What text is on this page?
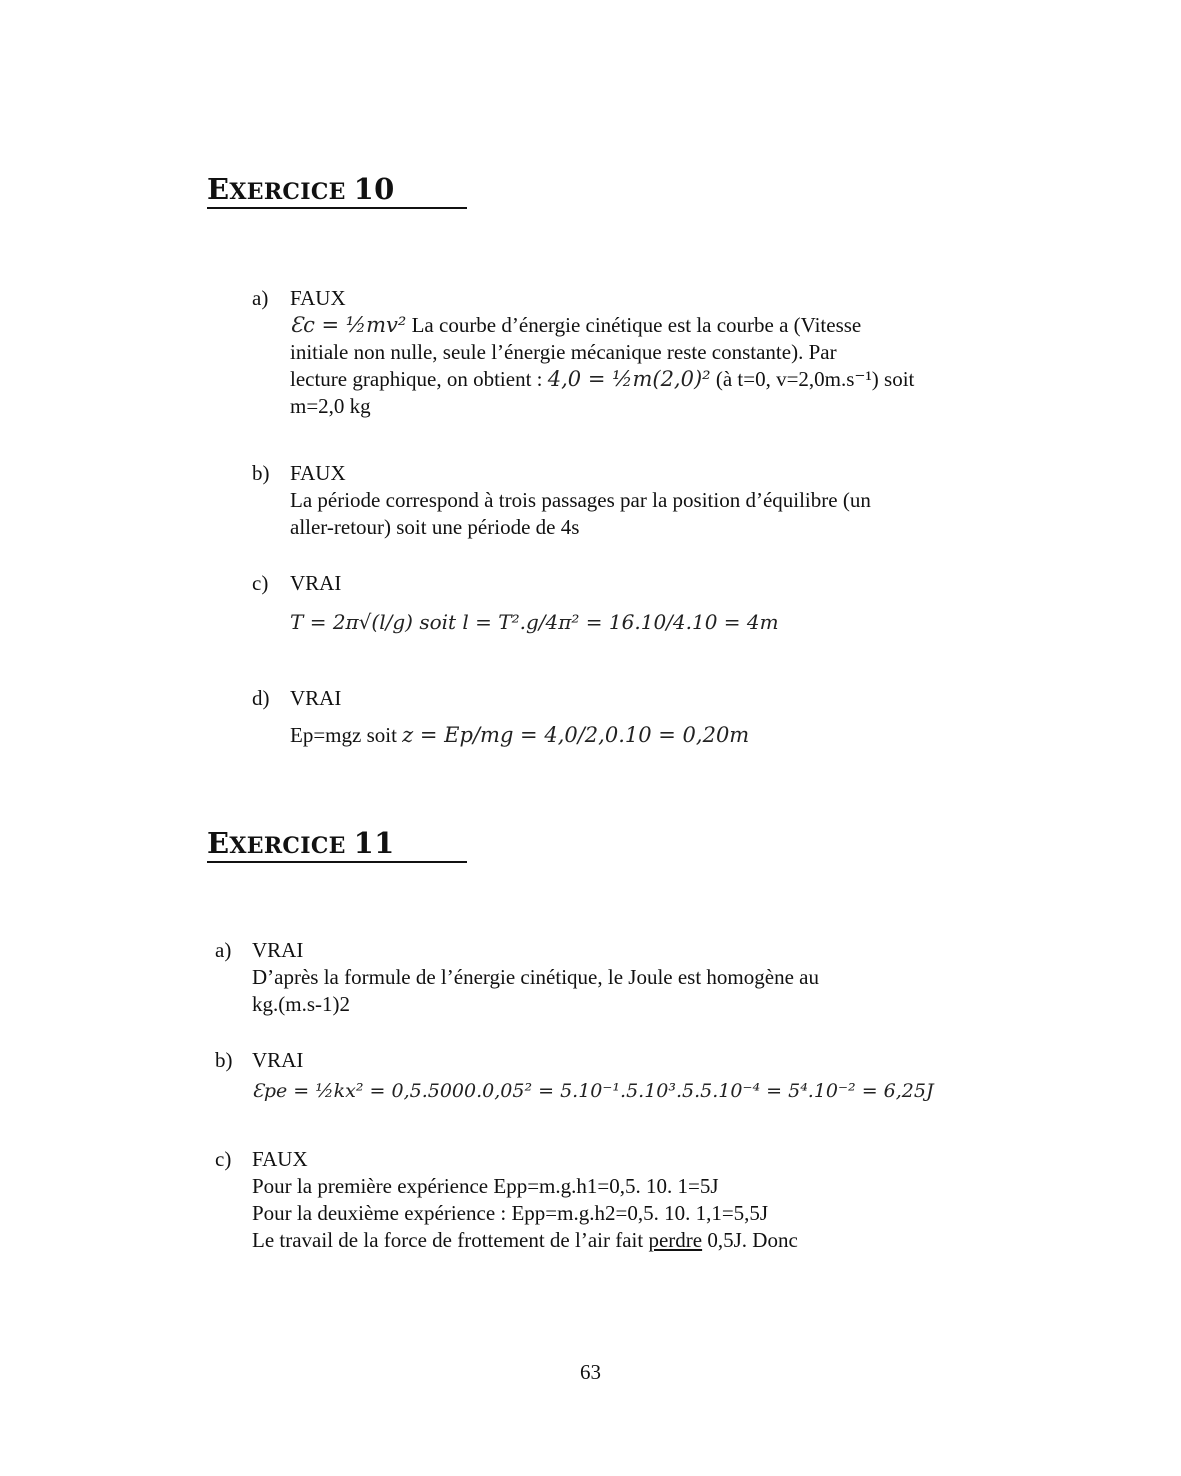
EXERCICE 10
a) FAUX
Ɛc = ½mv² La courbe d’énergie cinétique est la courbe a (Vitesse
initiale non nulle, seule l’énergie mécanique reste constante). Par
lecture graphique, on obtient : 4,0 = ½m(2,0)² (à t=0, v=2,0m.s⁻¹) soit
m=2,0 kg
b) FAUX
La période correspond à trois passages par la position d’équilibre (un
aller-retour) soit une période de 4s
c) VRAI
T = 2π√(l/g) soit l = T².g/4π² = 16.10/4.10 = 4m
d) VRAI
Ep=mgz soit z = Ep/mg = 4,0/2,0.10 = 0,20m
EXERCICE 11
a) VRAI
D’après la formule de l’énergie cinétique, le Joule est homogène au
kg.(m.s-1)2
b) VRAI
Ɛpe = ½kx² = 0,5.5000.0,05² = 5.10⁻¹.5.10³.5.5.10⁻⁴ = 5⁴.10⁻² = 6,25J
c) FAUX
Pour la première expérience Epp=m.g.h1=0,5. 10. 1=5J
Pour la deuxième expérience : Epp=m.g.h2=0,5. 10. 1,1=5,5J
Le travail de la force de frottement de l’air fait perdre 0,5J. Donc
63
